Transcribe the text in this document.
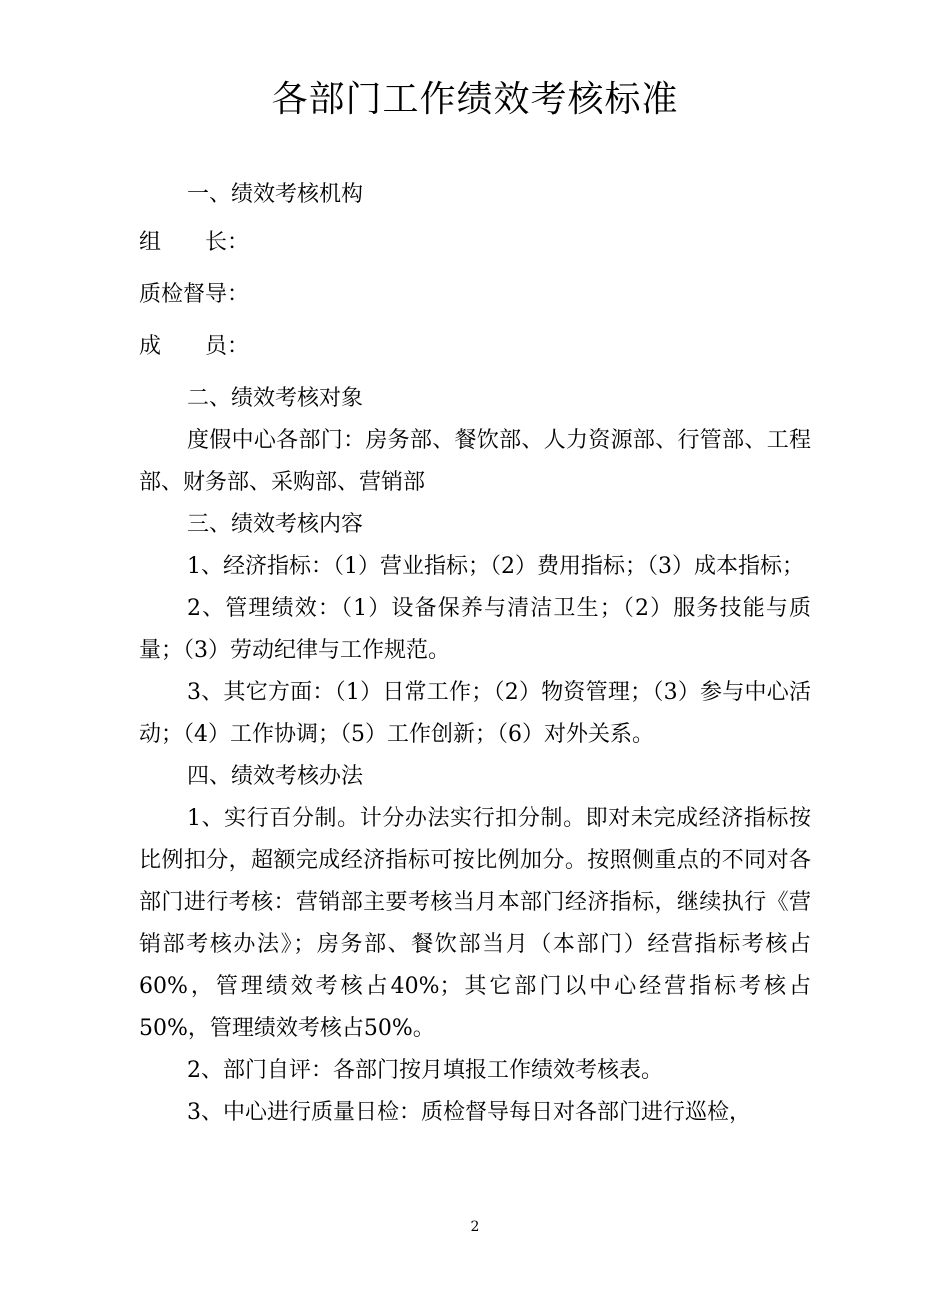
各部门工作绩效考核标准

一、绩效考核机构

组 长：

质检督导：

成 员：

二、绩效考核对象

度假中心各部门：房务部、餐饮部、人力资源部、行管部、工程部、财务部、采购部、营销部

三、绩效考核内容

1、经济指标：（1）营业指标；（2）费用指标；（3）成本指标；

2、管理绩效：（1）设备保养与清洁卫生；（2）服务技能与质量；（3）劳动纪律与工作规范。

3、其它方面：（1）日常工作；（2）物资管理；（3）参与中心活动；（4）工作协调；（5）工作创新；（6）对外关系。

四、绩效考核办法

1、实行百分制。计分办法实行扣分制。即对未完成经济指标按比例扣分，超额完成经济指标可按比例加分。按照侧重点的不同对各部门进行考核：营销部主要考核当月本部门经济指标，继续执行《营销部考核办法》；房务部、餐饮部当月（本部门）经营指标考核占60%，管理绩效考核占40%；其它部门以中心经营指标考核占50%，管理绩效考核占50%。

2、部门自评：各部门按月填报工作绩效考核表。

3、中心进行质量日检：质检督导每日对各部门进行巡检，

2
